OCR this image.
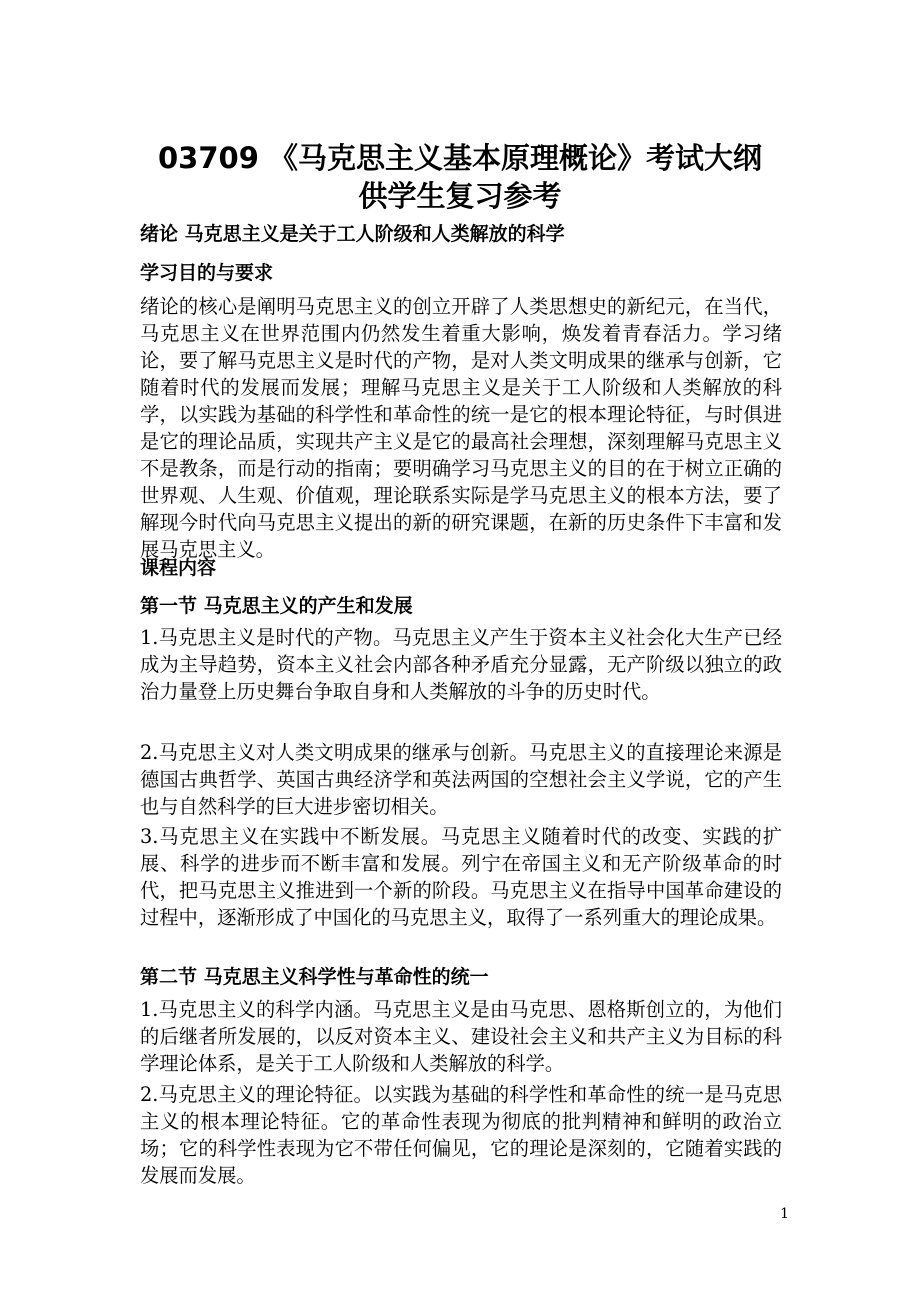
03709 《马克思主义基本原理概论》考试大纲
供学生复习参考
绪论 马克思主义是关于工人阶级和人类解放的科学
学习目的与要求
绪论的核心是阐明马克思主义的创立开辟了人类思想史的新纪元，在当代，马克思主义在世界范围内仍然发生着重大影响，焕发着青春活力。学习绪论，要了解马克思主义是时代的产物，是对人类文明成果的继承与创新，它随着时代的发展而发展；理解马克思主义是关于工人阶级和人类解放的科学，以实践为基础的科学性和革命性的统一是它的根本理论特征，与时俱进是它的理论品质，实现共产主义是它的最高社会理想，深刻理解马克思主义不是教条，而是行动的指南；要明确学习马克思主义的目的在于树立正确的世界观、人生观、价值观，理论联系实际是学马克思主义的根本方法，要了解现今时代向马克思主义提出的新的研究课题，在新的历史条件下丰富和发展马克思主义。
课程内容
第一节 马克思主义的产生和发展
1.马克思主义是时代的产物。马克思主义产生于资本主义社会化大生产已经成为主导趋势，资本主义社会内部各种矛盾充分显露，无产阶级以独立的政治力量登上历史舞台争取自身和人类解放的斗争的历史时代。
2.马克思主义对人类文明成果的继承与创新。马克思主义的直接理论来源是德国古典哲学、英国古典经济学和英法两国的空想社会主义学说，它的产生也与自然科学的巨大进步密切相关。
3.马克思主义在实践中不断发展。马克思主义随着时代的改变、实践的扩展、科学的进步而不断丰富和发展。列宁在帝国主义和无产阶级革命的时代，把马克思主义推进到一个新的阶段。马克思主义在指导中国革命建设的过程中，逐渐形成了中国化的马克思主义，取得了一系列重大的理论成果。
第二节 马克思主义科学性与革命性的统一
1.马克思主义的科学内涵。马克思主义是由马克思、恩格斯创立的，为他们的后继者所发展的，以反对资本主义、建设社会主义和共产主义为目标的科学理论体系，是关于工人阶级和人类解放的科学。
2.马克思主义的理论特征。以实践为基础的科学性和革命性的统一是马克思主义的根本理论特征。它的革命性表现为彻底的批判精神和鲜明的政治立场；它的科学性表现为它不带任何偏见，它的理论是深刻的，它随着实践的发展而发展。
1
